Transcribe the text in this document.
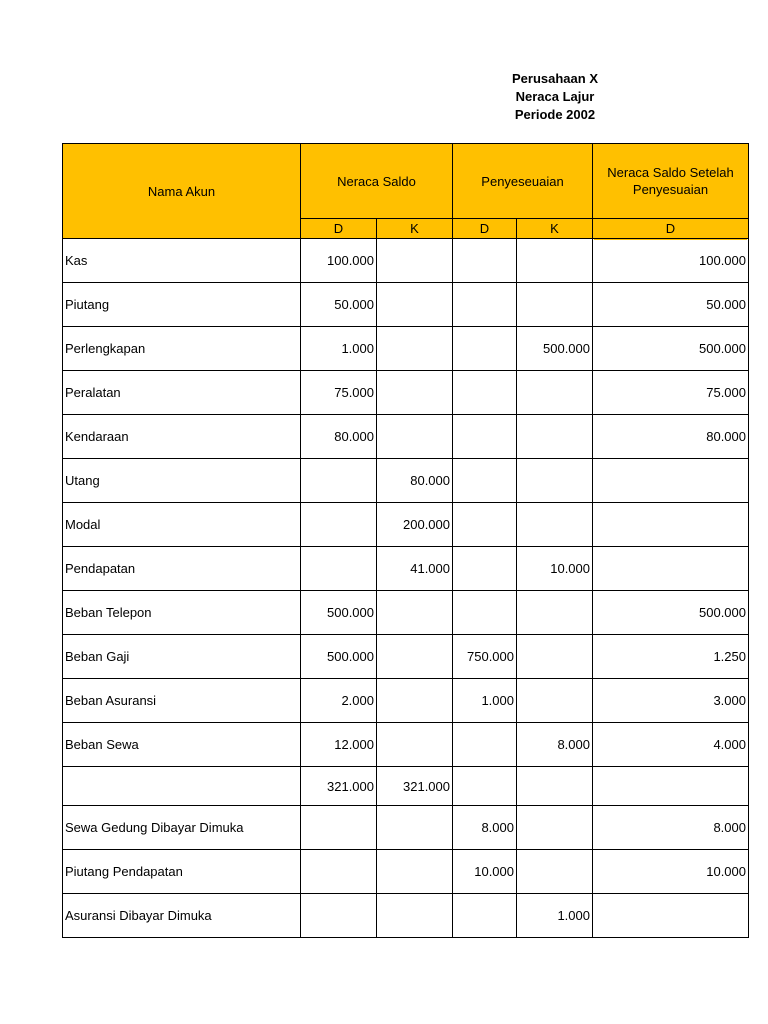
Perusahaan X
Neraca Lajur
Periode 2002
Nama Akun	Neraca Saldo		Penyeseuaian		Neraca Saldo Setelah Penyesuaian
	D	K	D	K	D
Kas	100.000				100.000
Piutang	50.000				50.000
Perlengkapan	1.000			500.000	500.000
Peralatan	75.000				75.000
Kendaraan	80.000				80.000
Utang		80.000			
Modal		200.000			
Pendapatan		41.000		10.000	
Beban Telepon	500.000				500.000
Beban Gaji	500.000		750.000		1.250
Beban Asuransi	2.000		1.000		3.000
Beban Sewa	12.000			8.000	4.000
	321.000	321.000			
Sewa Gedung Dibayar Dimuka			8.000		8.000
Piutang Pendapatan			10.000		10.000
Asuransi Dibayar Dimuka				1.000	
